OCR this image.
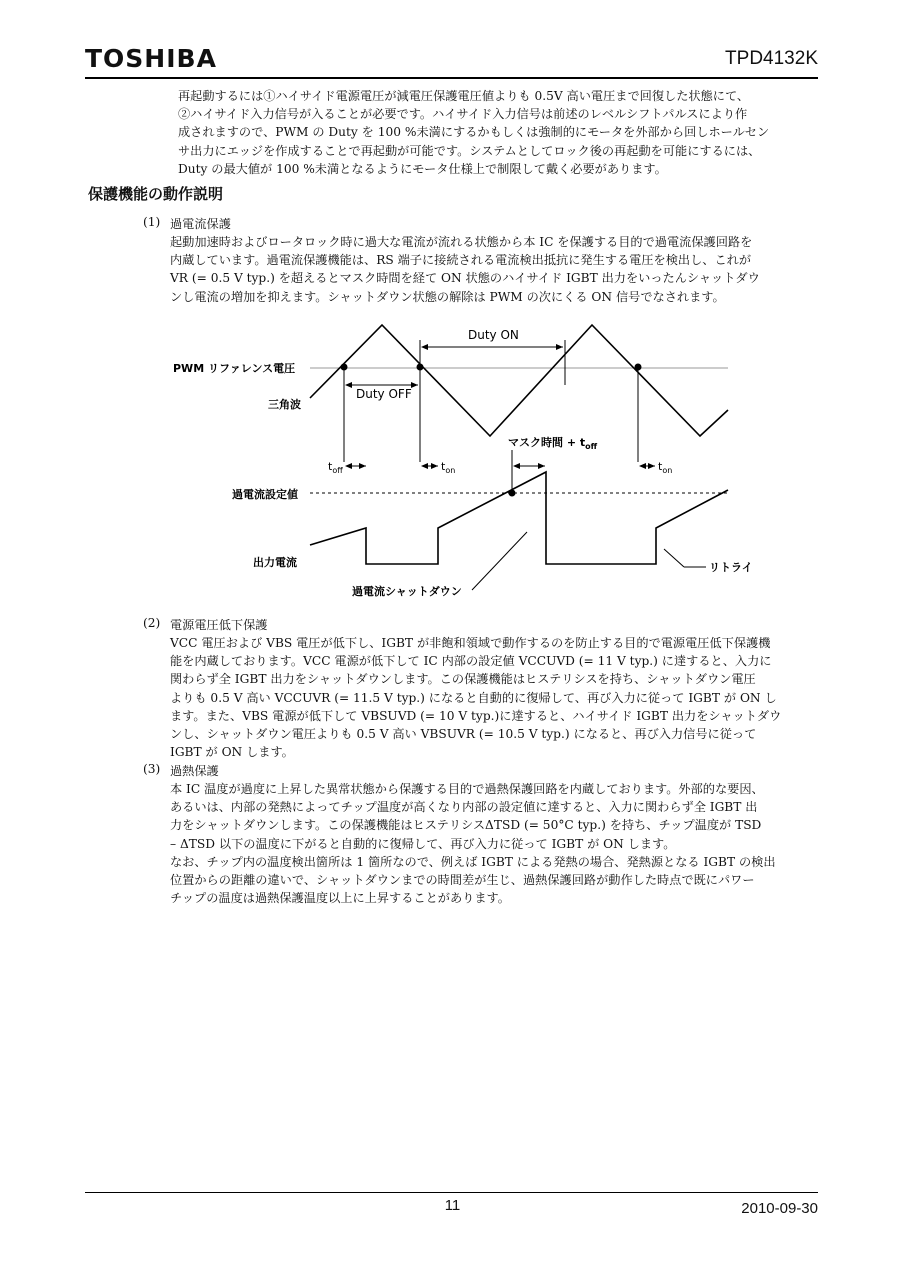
TOSHIBA	TPD4132K
再起動するには①ハイサイド電源電圧が減電圧保護電圧値よりも 0.5V 高い電圧まで回復した状態にて、
②ハイサイド入力信号が入ることが必要です。ハイサイド入力信号は前述のレベルシフトパルスにより作
成されますので、PWM の Duty を 100 %未満にするかもしくは強制的にモータを外部から回しホールセン
サ出力にエッジを作成することで再起動が可能です。システムとしてロック後の再起動を可能にするには、
Duty の最大値が 100 %未満となるようにモータ仕様上で制限して戴く必要があります。
保護機能の動作説明
(1) 過電流保護
起動加速時およびロータロック時に過大な電流が流れる状態から本 IC を保護する目的で過電流保護回路を
内蔵しています。過電流保護機能は、RS 端子に接続される電流検出抵抗に発生する電圧を検出し、これが
VR (= 0.5 V typ.) を超えるとマスク時間を経て ON 状態のハイサイド IGBT 出力をいったんシャットダウ
ンし電流の増加を抑えます。シャットダウン状態の解除は PWM の次にくる ON 信号でなされます。
Duty ON
Duty OFF
PWM リファレンス電圧
三角波
過電流設定値
出力電流
マスク時間 + $t_{off}$
$t_{off}$	$t_{on}$	$t_{on}$
リトライ
過電流シャットダウン
(2) 電源電圧低下保護
VCC 電圧および VBS 電圧が低下し、IGBT が非飽和領域で動作するのを防止する目的で電源電圧低下保護機
能を内蔵しております。VCC 電源が低下して IC 内部の設定値 VCCUVD (= 11 V typ.) に達すると、入力に
関わらず全 IGBT 出力をシャットダウンします。この保護機能はヒステリシスを持ち、シャットダウン電圧
よりも 0.5 V 高い VCCUVR (= 11.5 V typ.) になると自動的に復帰して、再び入力に従って IGBT が ON し
ます。また、VBS 電源が低下して VBSUVD (= 10 V typ.)に達すると、ハイサイド IGBT 出力をシャットダウ
ンし、シャットダウン電圧よりも 0.5 V 高い VBSUVR (= 10.5 V typ.) になると、再び入力信号に従って
IGBT が ON します。
(3) 過熱保護
本 IC 温度が過度に上昇した異常状態から保護する目的で過熱保護回路を内蔵しております。外部的な要因、
あるいは、内部の発熱によってチップ温度が高くなり内部の設定値に達すると、入力に関わらず全 IGBT 出
力をシャットダウンします。この保護機能はヒステリシスΔTSD (= 50°C typ.) を持ち、チップ温度が TSD
– ΔTSD 以下の温度に下がると自動的に復帰して、再び入力に従って IGBT が ON します。
なお、チップ内の温度検出箇所は 1 箇所なので、例えば IGBT による発熱の場合、発熱源となる IGBT の検出
位置からの距離の違いで、シャットダウンまでの時間差が生じ、過熱保護回路が動作した時点で既にパワー
チップの温度は過熱保護温度以上に上昇することがあります。
11	2010-09-30
